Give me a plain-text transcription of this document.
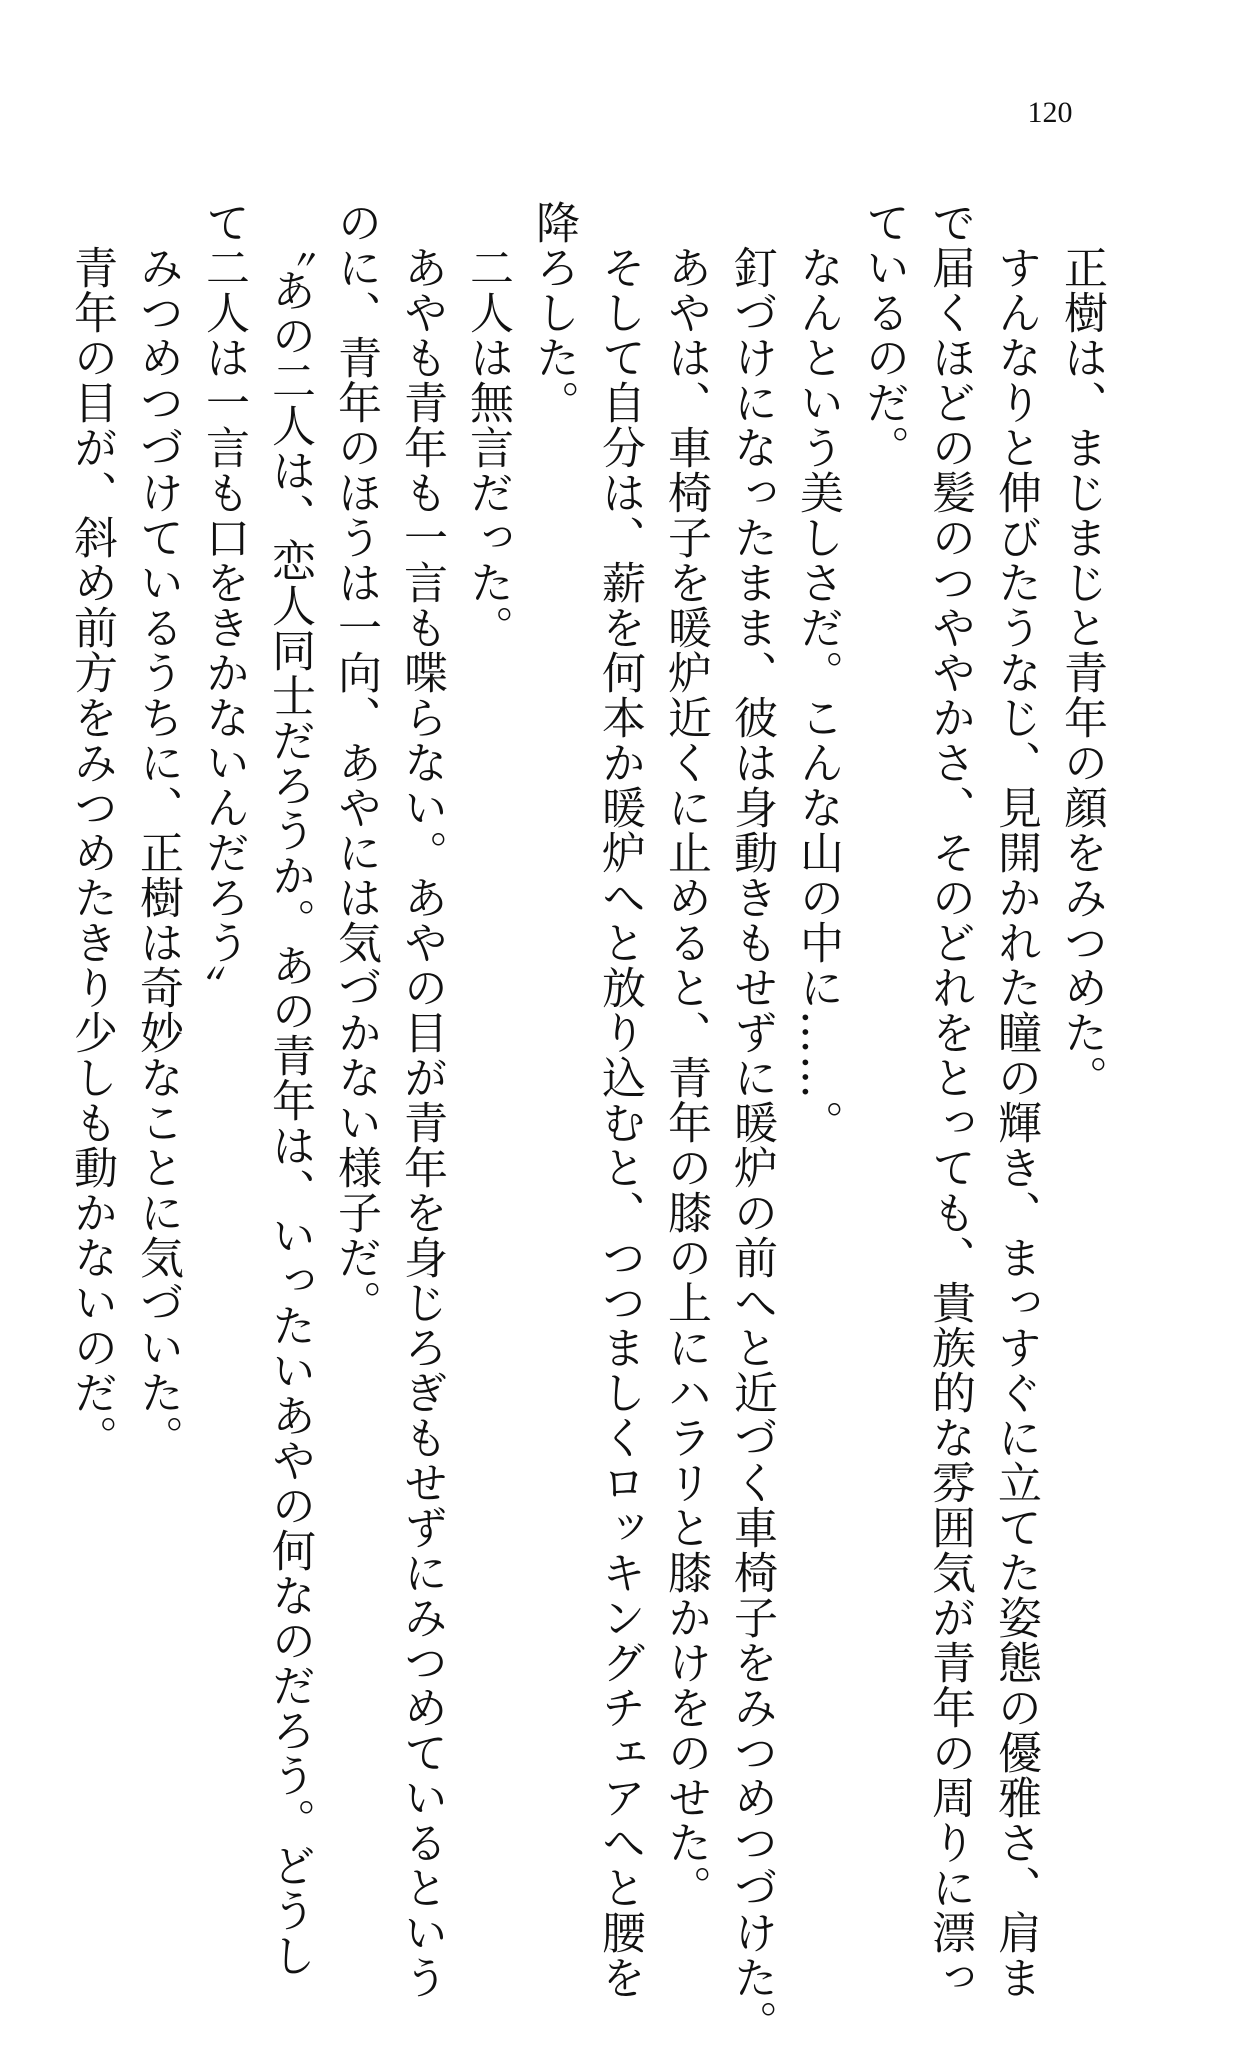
120
　正樹は、まじまじと青年の顔をみつめた。
　すんなりと伸びたうなじ、見開かれた瞳の輝き、まっすぐに立てた姿態の優雅さ、肩ま
で届くほどの髪のつややかさ、そのどれをとっても、貴族的な雰囲気が青年の周りに漂っ
ているのだ。
　なんという美しさだ。こんな山の中に……。
　釘づけになったまま、彼は身動きもせずに暖炉の前へと近づく車椅子をみつめつづけた。
　あやは、車椅子を暖炉近くに止めると、青年の膝の上にハラリと膝かけをのせた。
　そして自分は、薪を何本か暖炉へと放り込むと、つつましくロッキングチェアへと腰を
降ろした。
　二人は無言だった。
　あやも青年も一言も喋らない。あやの目が青年を身じろぎもせずにみつめているという
のに、青年のほうは一向、あやには気づかない様子だ。
　〝あの二人は、恋人同士だろうか。あの青年は、いったいあやの何なのだろう。どうし
て二人は一言も口をきかないんだろう〟
　みつめつづけているうちに、正樹は奇妙なことに気づいた。
　青年の目が、斜め前方をみつめたきり少しも動かないのだ。
